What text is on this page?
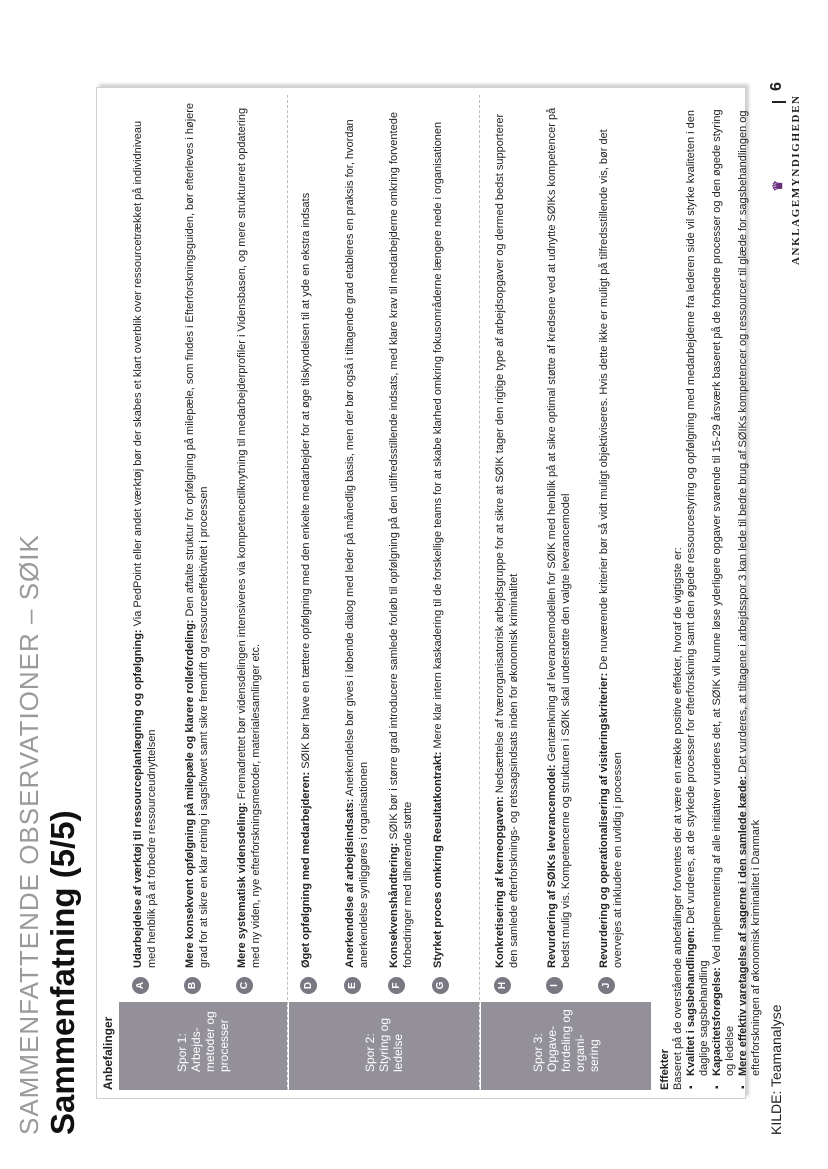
SAMMENFATTENDE OBSERVATIONER – SØIK Sammenfatning (5/5) Anbefalinger	Spor 1:
Arbejds-
metoder og
processer
A
Udarbejdelse af værktøj til ressourceplanlægning og opfølgning: Via PedPoint eller andet værktøj bør der skabes et klart overblik over ressourcetrækket på individniveau med henblik på at forbedre ressourceudnyttelsen
B
Mere konsekvent opfølgning på milepæle og klarere rollefordeling: Den aftalte struktur for opfølgning på milepæle, som findes i Efterforskningsguiden, bør efterleves i højere grad for at sikre en klar retning i sagsflowet samt sikre fremdrift og ressourceeffektivitet i processen
C
Mere systematisk vidensdeling: Fremadrettet bør vidensdelingen intensiveres via kompetencetilknytning til medarbejderprofiler i Vidensbasen, og mere struktureret opdatering med ny viden, nye efterforskningsmetoder, materialesamlinger etc.
Spor 2:
Styring og
ledelse
D
Øget opfølgning med medarbejderen: SØIK bør have en tættere opfølgning med den enkelte medarbejder for at øge tilskyndelsen til at yde en ekstra indsats
E
Anerkendelse af arbejdsindsats: Anerkendelse bør gives i løbende dialog med leder på månedlig basis, men der bør også i tiltagende grad etableres en praksis for, hvordan anerkendelse synliggøres i organisationen
F
Konsekvenshåndtering: SØIK bør i større grad introducere samlede forløb til opfølgning på den utilfredsstillende indsats, med klare krav til medarbejderne omkring forventede forbedringer med tilhørende støtte
G
Styrket proces omkring Resultatkontrakt: Mere klar intern kaskadering til de forskellige teams for at skabe klarhed omkring fokusområderne længere nede i organisationen
Spor 3:
Opgave-
fordeling og
organi-
sering
H
Konkretisering af kerneopgaven: Nedsættelse af tværorganisatorisk arbejdsgruppe for at sikre at SØIK tager den rigtige type af arbejdsopgaver og dermed bedst supporterer den samlede efterforsknings- og retssagsindsats inden for økonomisk kriminalitet
I
Revurdering af SØIKs leverancemodel: Gentænkning af leverancemodellen for SØIK med henblik på at sikre optimal støtte af kredsene ved at udnytte SØIKs kompetencer på bedst mulig vis. Kompetencerne og strukturen i SØIK skal understøtte den valgte leverancemodel
J
Revurdering og operationalisering af visiteringskriterier: De nuværende kriterier bør så vidt muligt objektiviseres. Hvis dette ikke er muligt på tilfredsstillende vis, bør det overvejes at inkludere en uvildig i processen
Effekter Baseret på de overstående anbefalinger forventes der at være en række positive effekter, hvoraf de vigtigste er: ▪ Kvalitet i sagsbehandlingen: Det vurderes, at de styrkede processer for efterforskning samt den øgede ressourcestyring og opfølgning med medarbejderne fra lederen side vil styrke kvaliteten i den daglige sagsbehandling ▪ Kapacitetsforøgelse: Ved implementering af alle initiativer vurderes det, at SØIK vil kunne løse yderligere opgaver svarende til 15-29 årsværk baseret på de forbedre processer og den øgede styring og ledelse ▪ Mere effektiv varetagelse af sagerne i den samlede kæde: Det vurderes, at tiltagene i arbejdsspor 3 kan lede til bedre brug af SØIKs kompetencer og ressourcer til glæde for sagsbehandlingen og efterforskningen af økonomisk kriminalitet i Danmark KILDE: Teamanalyse
♛ ANKLAGEMYNDIGHEDEN
6
